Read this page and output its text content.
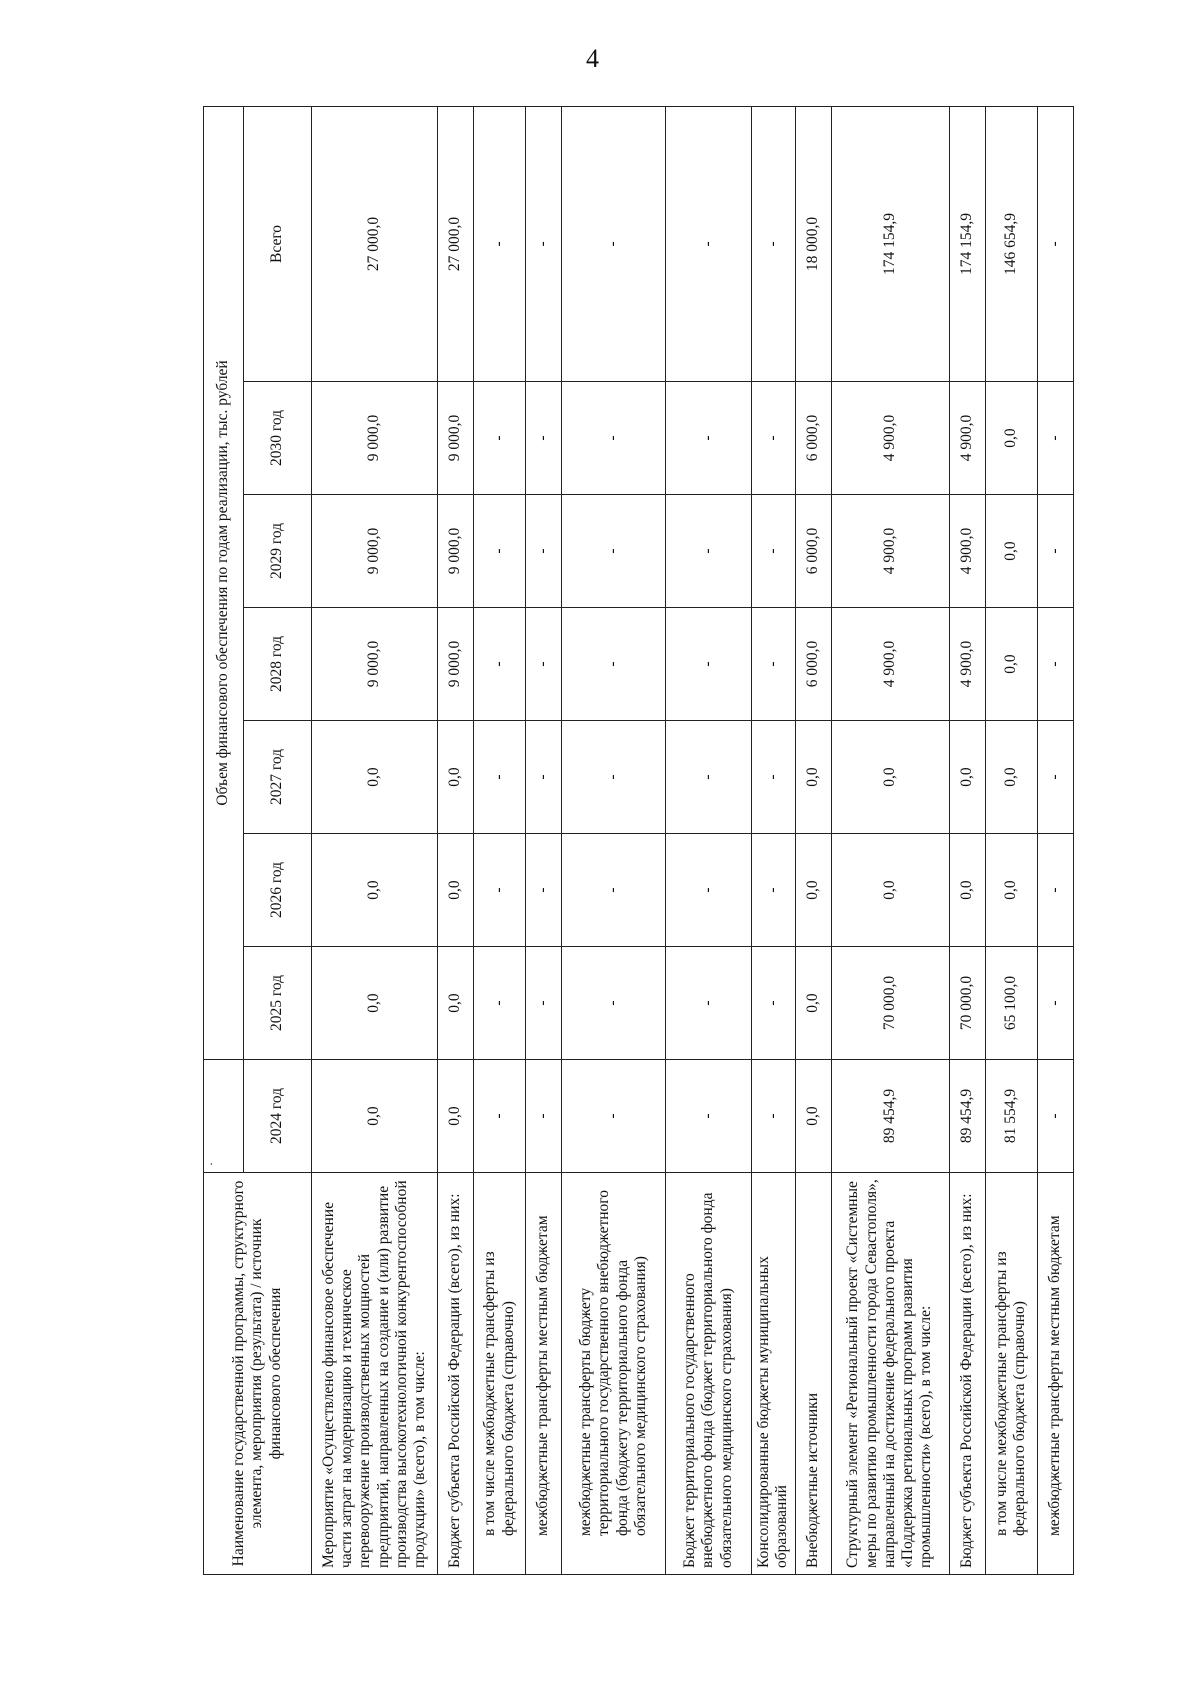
4
Наименование государственной программы, структурного элемента, мероприятия (результата) / источник финансового обеспечения	·	Объем финансового обеспечения по годам реализации, тыс. рублей						
	2024 год	2025 год	2026 год	2027 год	2028 год	2029 год	2030 год	Всего
Мероприятие «Осуществлено финансовое обеспечение части затрат на модернизацию и техническое перевооружение производственных мощностей предприятий, направленных на создание и (или) развитие производства высокотехнологичной конкурентоспособной продукции» (всего), в том числе:	0,0	0,0	0,0	0,0	9 000,0	9 000,0	9 000,0	27 000,0
Бюджет субъекта Российской Федерации (всего), из них:	0,0	0,0	0,0	0,0	9 000,0	9 000,0	9 000,0	27 000,0
в том числе межбюджетные трансферты из федерального бюджета (справочно)	-	-	-	-	-	-	-	-
межбюджетные трансферты местным бюджетам	-	-	-	-	-	-	-	-
межбюджетные трансферты бюджету территориального государственного внебюджетного фонда (бюджету территориального фонда обязательного медицинского страхования)	-	-	-	-	-	-	-	-
Бюджет территориального государственного внебюджетного фонда (бюджет территориального фонда обязательного медицинского страхования)	-	-	-	-	-	-	-	-
Консолидированные бюджеты муниципальных образований	-	-	-	-	-	-	-	-
Внебюджетные источники	0,0	0,0	0,0	0,0	6 000,0	6 000,0	6 000,0	18 000,0
Структурный элемент «Региональный проект «Системные меры по развитию промышленности города Севастополя», направленный на достижение федерального проекта «Поддержка региональных программ развития промышленности» (всего), в том числе:	89 454,9	70 000,0	0,0	0,0	4 900,0	4 900,0	4 900,0	174 154,9
Бюджет субъекта Российской Федерации (всего), из них:	89 454,9	70 000,0	0,0	0,0	4 900,0	4 900,0	4 900,0	174 154,9
в том числе межбюджетные трансферты из федерального бюджета (справочно)	81 554,9	65 100,0	0,0	0,0	0,0	0,0	0,0	146 654,9
межбюджетные трансферты местным бюджетам	-	-	-	-	-	-	-	-
